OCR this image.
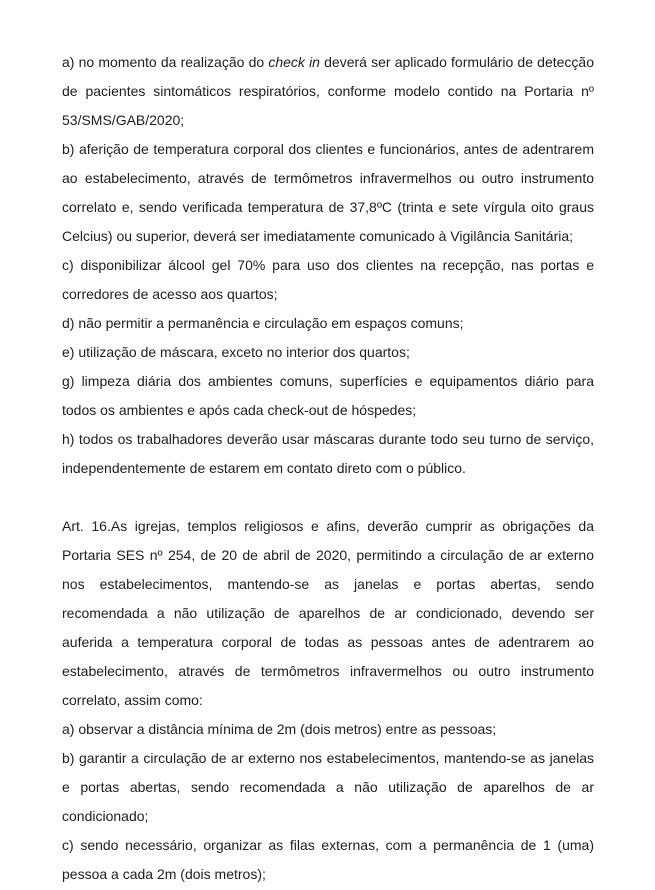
a) no momento da realização do check in deverá ser aplicado formulário de detecção de pacientes sintomáticos respiratórios, conforme modelo contido na Portaria nº 53/SMS/GAB/2020;

b) aferição de temperatura corporal dos clientes e funcionários, antes de adentrarem ao estabelecimento, através de termômetros infravermelhos ou outro instrumento correlato e, sendo verificada temperatura de 37,8ºC (trinta e sete vírgula oito graus Celcius) ou superior, deverá ser imediatamente comunicado à Vigilância Sanitária;

c) disponibilizar álcool gel 70% para uso dos clientes na recepção, nas portas e corredores de acesso aos quartos;

d) não permitir a permanência e circulação em espaços comuns;

e) utilização de máscara, exceto no interior dos quartos;

g) limpeza diária dos ambientes comuns, superfícies e equipamentos diário para todos os ambientes e após cada check-out de hóspedes;

h) todos os trabalhadores deverão usar máscaras durante todo seu turno de serviço, independentemente de estarem em contato direto com o público.

Art. 16.As igrejas, templos religiosos e afins, deverão cumprir as obrigações da Portaria SES nº 254, de 20 de abril de 2020, permitindo a circulação de ar externo nos estabelecimentos, mantendo-se as janelas e portas abertas, sendo recomendada a não utilização de aparelhos de ar condicionado, devendo ser auferida a temperatura corporal de todas as pessoas antes de adentrarem ao estabelecimento, através de termômetros infravermelhos ou outro instrumento correlato, assim como:

a) observar a distância mínima de 2m (dois metros) entre as pessoas;

b) garantir a circulação de ar externo nos estabelecimentos, mantendo-se as janelas e portas abertas, sendo recomendada a não utilização de aparelhos de ar condicionado;

c) sendo necessário, organizar as filas externas, com a permanência de 1 (uma) pessoa a cada 2m (dois metros);
